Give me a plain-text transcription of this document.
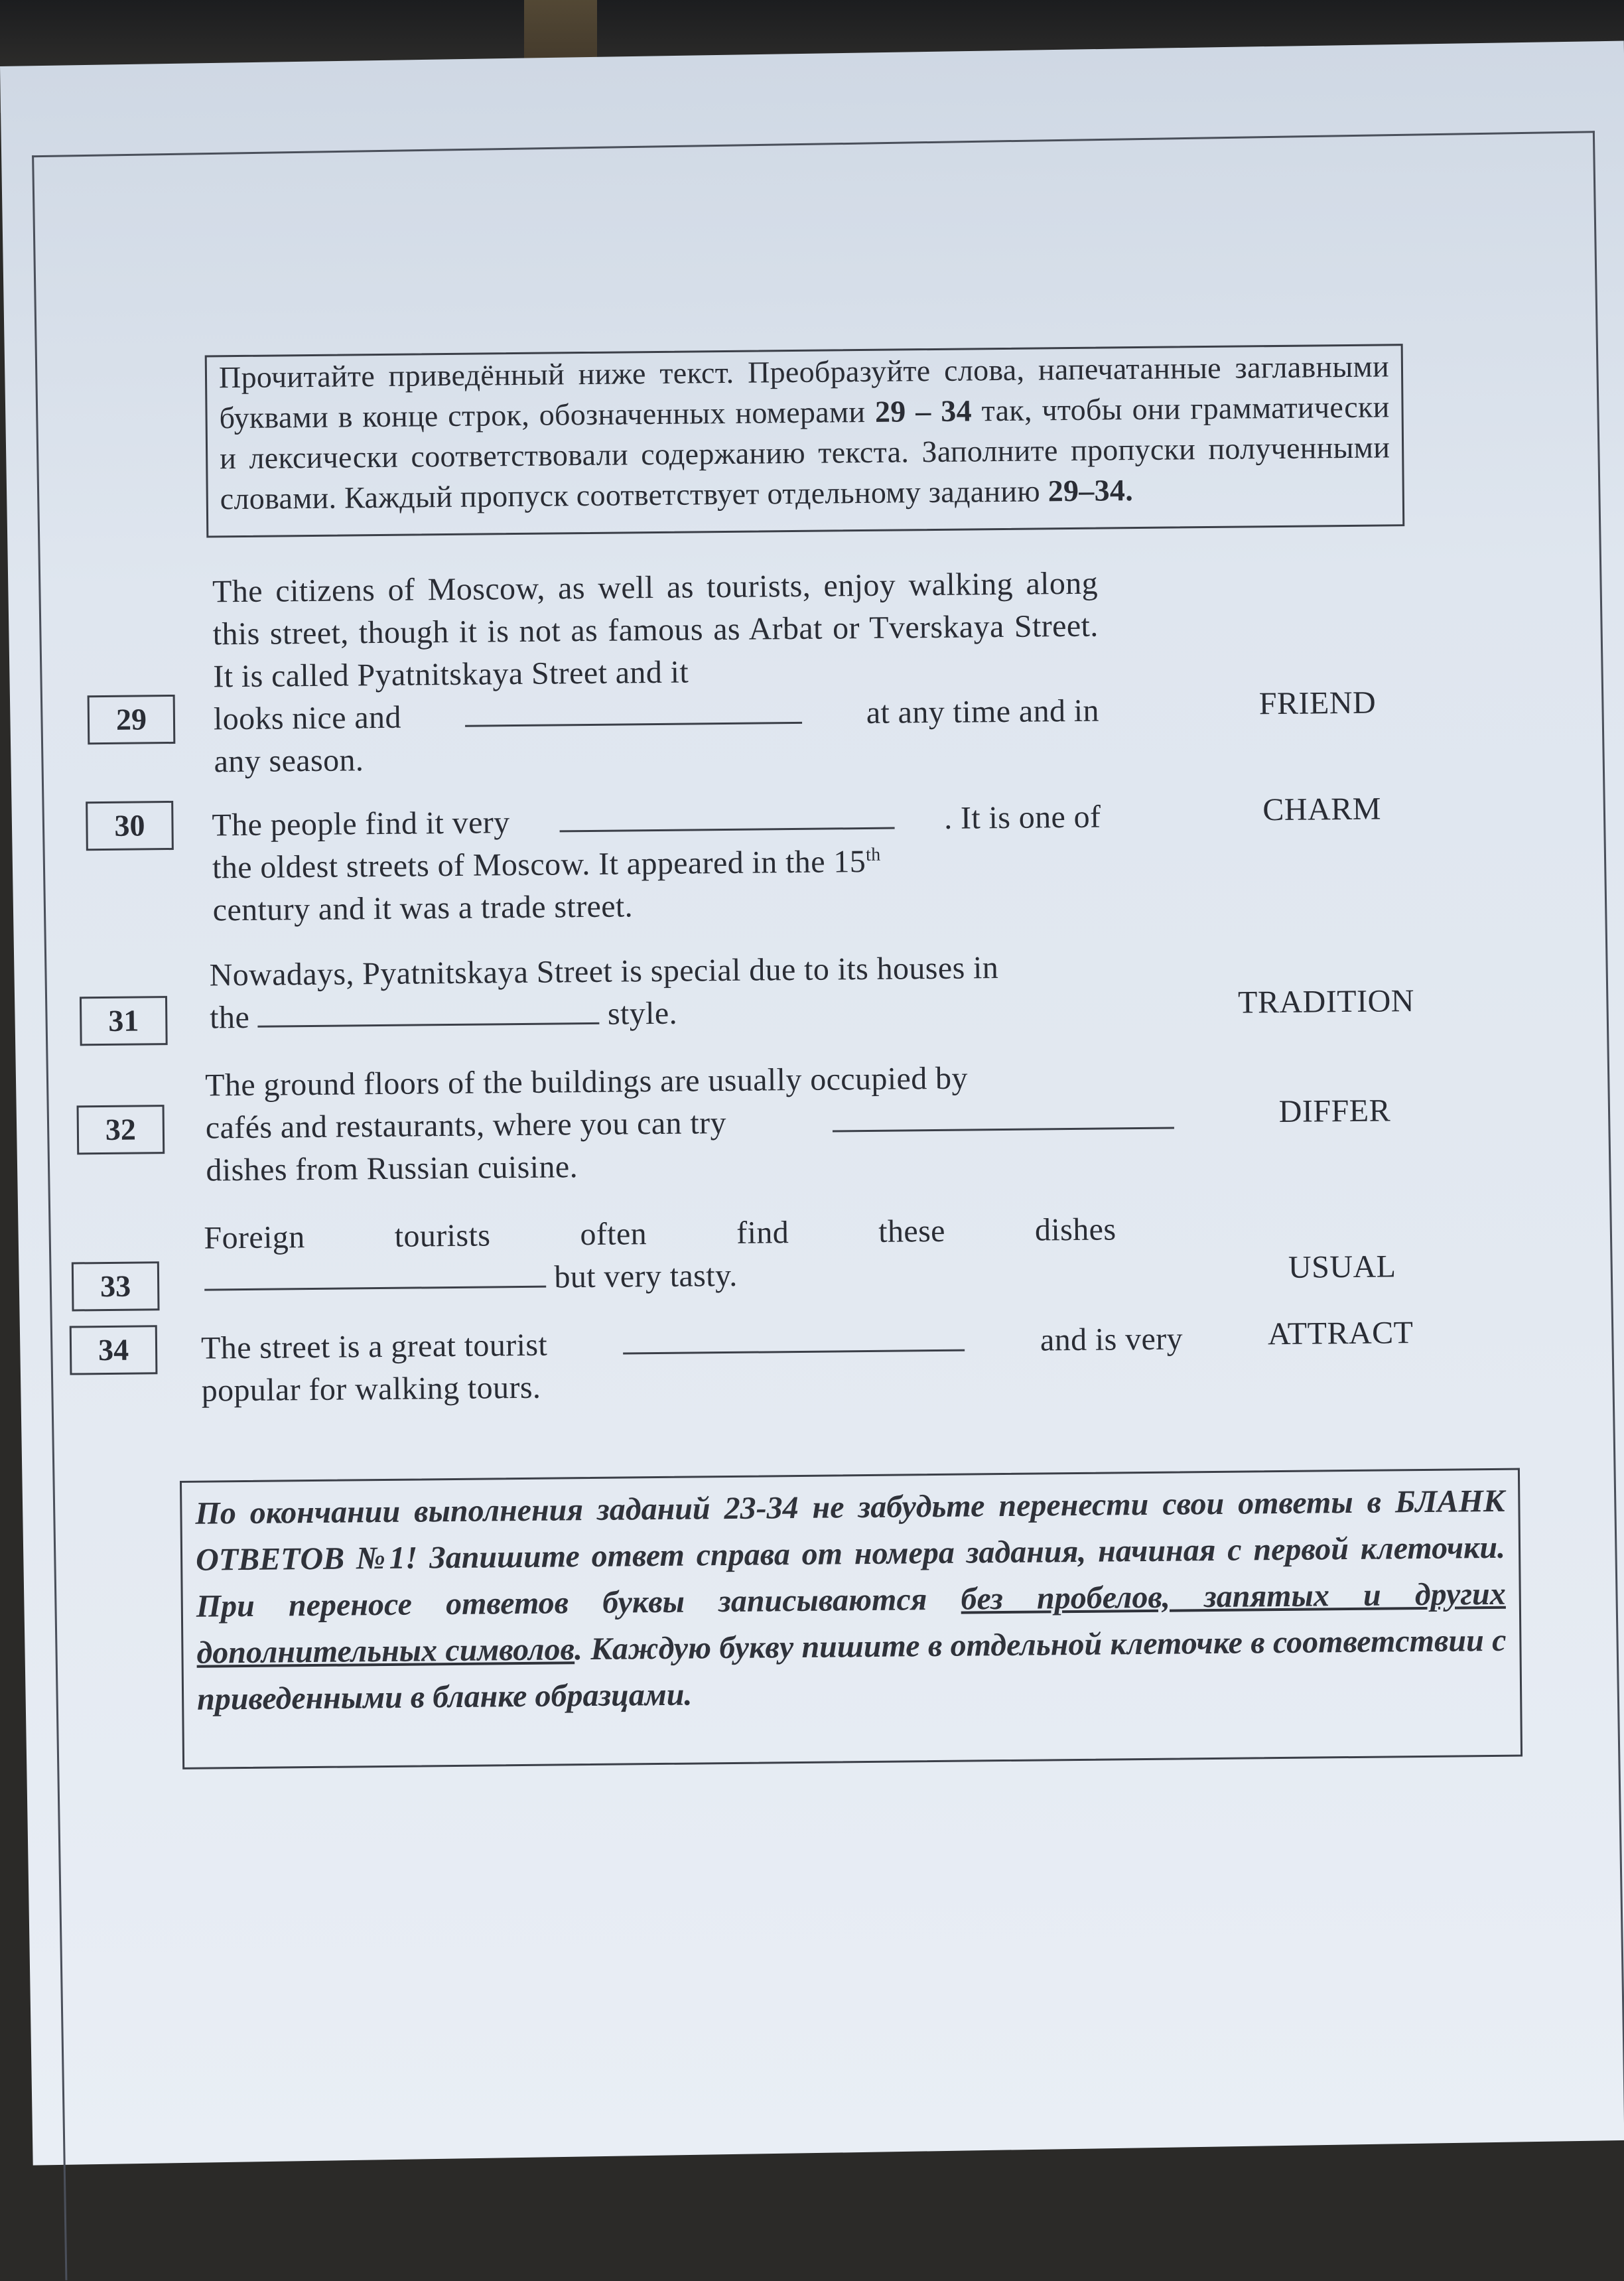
Прочитайте приведённый ниже текст. Преобразуйте слова, напечатанные заглавными буквами в конце строк, обозначенных номерами 29 – 34 так, чтобы они грамматически и лексически соответствовали содержанию текста. Заполните пропуски полученными словами. Каждый пропуск соответствует отдельному заданию 29–34.
The citizens of Moscow, as well as tourists, enjoy walking along this street, though it is not as famous as Arbat or Tverskaya Street. It is called Pyatnitskaya Street and it
29	looks nice and	at any time and in
any season.
FRIEND
30	The people find it very	. It is one of
the oldest streets of Moscow. It appeared in the 15th
century and it was a trade street.
CHARM
Nowadays, Pyatnitskaya Street is special due to its houses in
the	style.
31
TRADITION
The ground floors of the buildings are usually occupied by
cafés and restaurants, where you can try
dishes from Russian cuisine.
32
DIFFER
Foreign	tourists	often	find	these	dishes
but very tasty.
33
USUAL
34	The street is a great tourist	and is very
popular for walking tours.
ATTRACT
По окончании выполнения заданий 23-34 не забудьте перенести свои ответы в БЛАНК ОТВЕТОВ №1! Запишите ответ справа от номера задания, начиная с первой клеточки. При переносе ответов буквы записываются без пробелов, запятых и других дополнительных символов. Каждую букву пишите в отдельной клеточке в соответствии с приведенными в бланке образцами.
